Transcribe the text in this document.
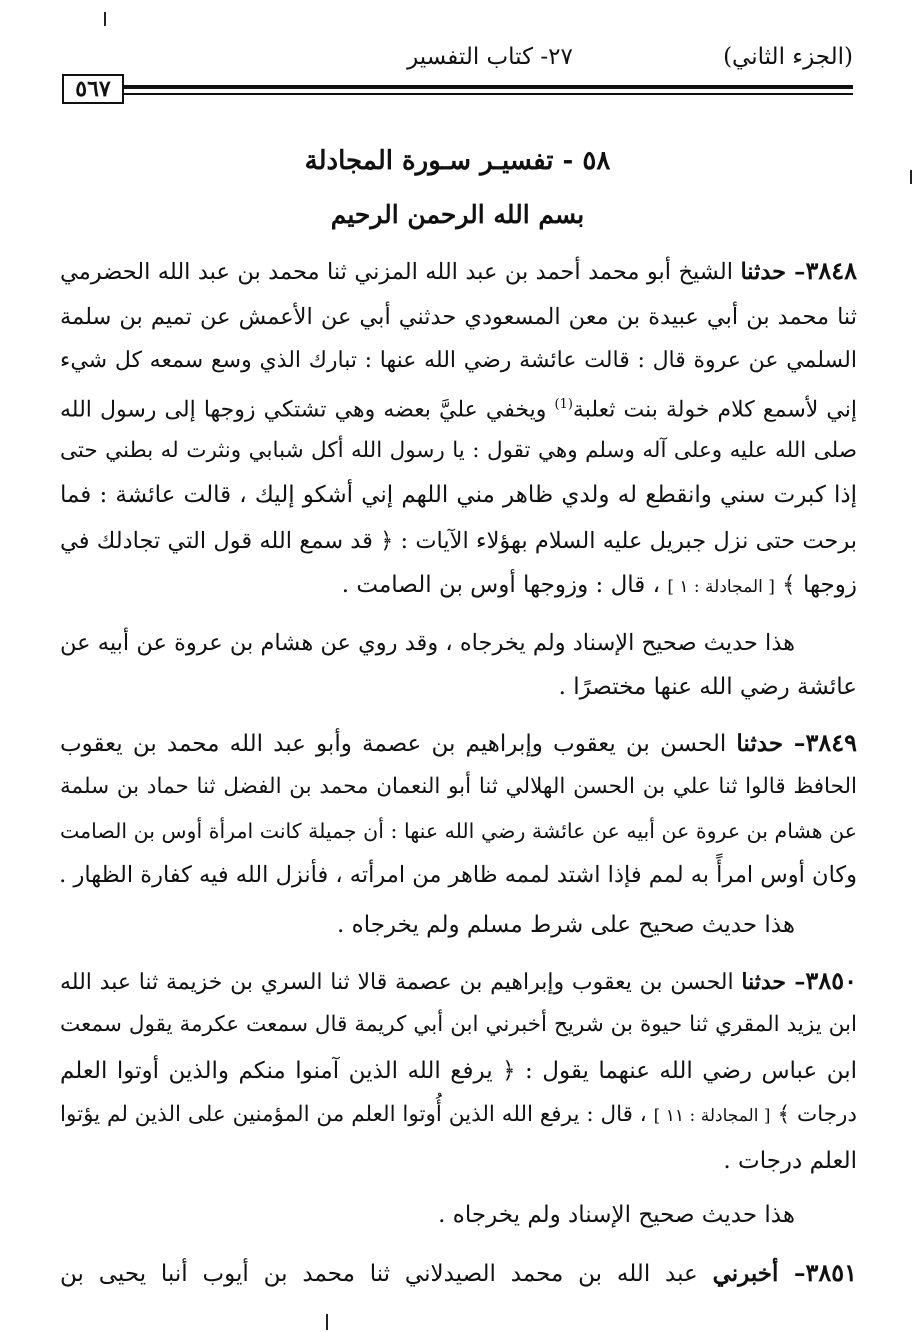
(الجزء الثاني)
٢٧- كتاب التفسير
٥٦٧
٥٨ - تفسيـر سـورة المجادلة
بسم الله الرحمن الرحيم
٣٨٤٨– حدثنا الشيخ أبو محمد أحمد بن عبد الله المزني ثنا محمد بن عبد الله الحضرمي
ثنا محمد بن أبي عبيدة بن معن المسعودي حدثني أبي عن الأعمش عن تميم بن سلمة
السلمي عن عروة قال : قالت عائشة رضي الله عنها : تبارك الذي وسع سمعه كل شيء
إني لأسمع كلام خولة بنت ثعلبة$^{(1)}$ ويخفي عليَّ بعضه وهي تشتكي زوجها إلى رسول الله
صلى الله عليه وعلى آله وسلم وهي تقول : يا رسول الله أكل شبابي ونثرت له بطني حتى
إذا كبرت سني وانقطع له ولدي ظاهر مني اللهم إني أشكو إليك ، قالت عائشة : فما
برحت حتى نزل جبريل عليه السلام بهؤلاء الآيات : ﴿ قد سمع الله قول التي تجادلك في
زوجها ﴾ [ المجادلة : ١ ] ، قال : وزوجها أوس بن الصامت .
هذا حديث صحيح الإسناد ولم يخرجاه ، وقد روي عن هشام بن عروة عن أبيه عن
عائشة رضي الله عنها مختصرًا .
٣٨٤٩– حدثنا الحسن بن يعقوب وإبراهيم بن عصمة وأبو عبد الله محمد بن يعقوب
الحافظ قالوا ثنا علي بن الحسن الهلالي ثنا أبو النعمان محمد بن الفضل ثنا حماد بن سلمة
عن هشام بن عروة عن أبيه عن عائشة رضي الله عنها : أن جميلة كانت امرأة أوس بن الصامت
وكان أوس امرأً به لمم فإذا اشتد لممه ظاهر من امرأته ، فأنزل الله فيه كفارة الظهار .
هذا حديث صحيح على شرط مسلم ولم يخرجاه .
٣٨٥٠– حدثنا الحسن بن يعقوب وإبراهيم بن عصمة قالا ثنا السري بن خزيمة ثنا عبد الله
ابن يزيد المقري ثنا حيوة بن شريح أخبرني ابن أبي كريمة قال سمعت عكرمة يقول سمعت
ابن عباس رضي الله عنهما يقول : ﴿ يرفع الله الذين آمنوا منكم والذين أوتوا العلم
درجات ﴾ [ المجادلة : ١١ ] ، قال : يرفع الله الذين أُوتوا العلم من المؤمنين على الذين لم يؤتوا
العلم درجات .
هذا حديث صحيح الإسناد ولم يخرجاه .
٣٨٥١– أخبرني عبد الله بن محمد الصيدلاني ثنا محمد بن أيوب أنبا يحيى بن
